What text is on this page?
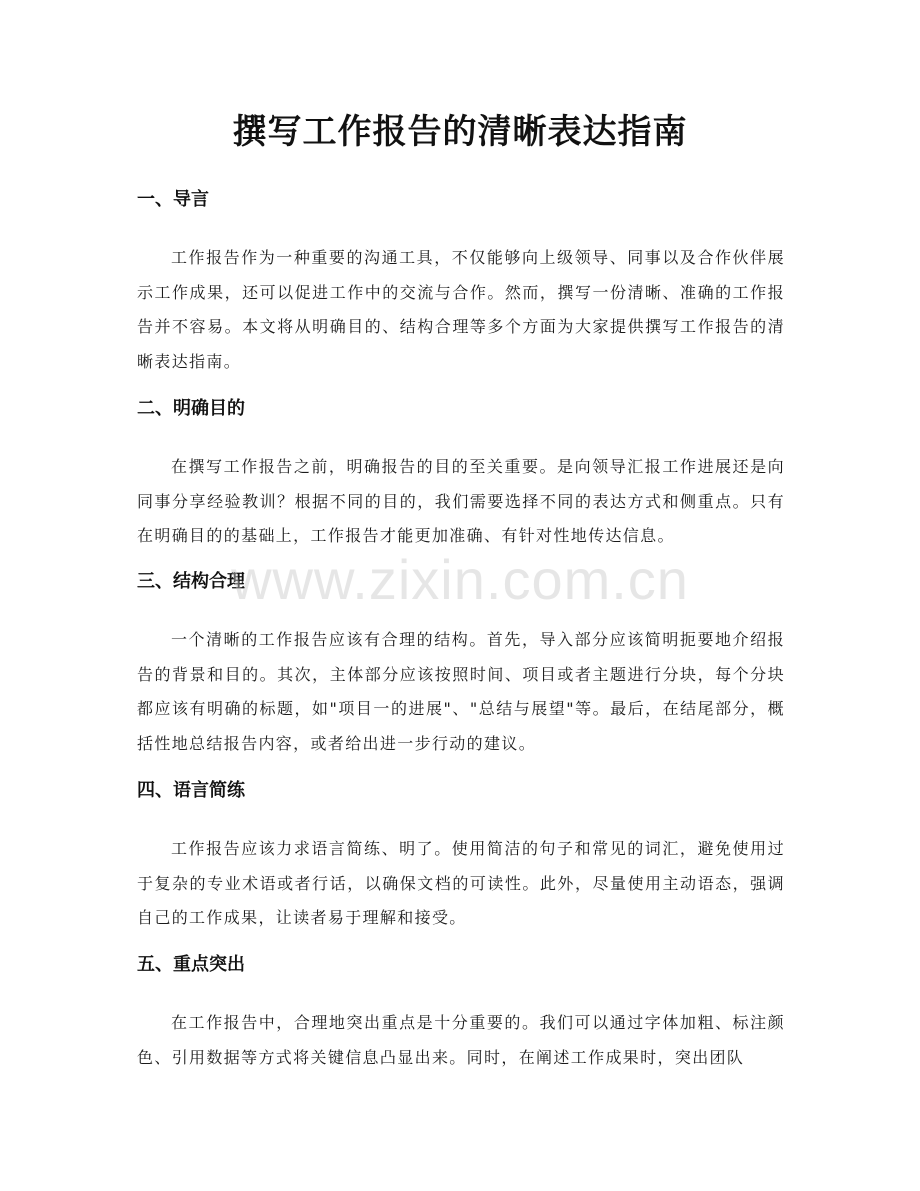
撰写工作报告的清晰表达指南
一、导言
工作报告作为一种重要的沟通工具，不仅能够向上级领导、同事以及合作伙伴展示工作成果，还可以促进工作中的交流与合作。然而，撰写一份清晰、准确的工作报告并不容易。本文将从明确目的、结构合理等多个方面为大家提供撰写工作报告的清晰表达指南。
二、明确目的
在撰写工作报告之前，明确报告的目的至关重要。是向领导汇报工作进展还是向同事分享经验教训？根据不同的目的，我们需要选择不同的表达方式和侧重点。只有在明确目的的基础上，工作报告才能更加准确、有针对性地传达信息。
三、结构合理
一个清晰的工作报告应该有合理的结构。首先，导入部分应该简明扼要地介绍报告的背景和目的。其次，主体部分应该按照时间、项目或者主题进行分块，每个分块都应该有明确的标题，如"项目一的进展"、"总结与展望"等。最后，在结尾部分，概括性地总结报告内容，或者给出进一步行动的建议。
四、语言简练
工作报告应该力求语言简练、明了。使用简洁的句子和常见的词汇，避免使用过于复杂的专业术语或者行话，以确保文档的可读性。此外，尽量使用主动语态，强调自己的工作成果，让读者易于理解和接受。
五、重点突出
在工作报告中，合理地突出重点是十分重要的。我们可以通过字体加粗、标注颜色、引用数据等方式将关键信息凸显出来。同时，在阐述工作成果时，突出团队
www.zixin.com.cn
